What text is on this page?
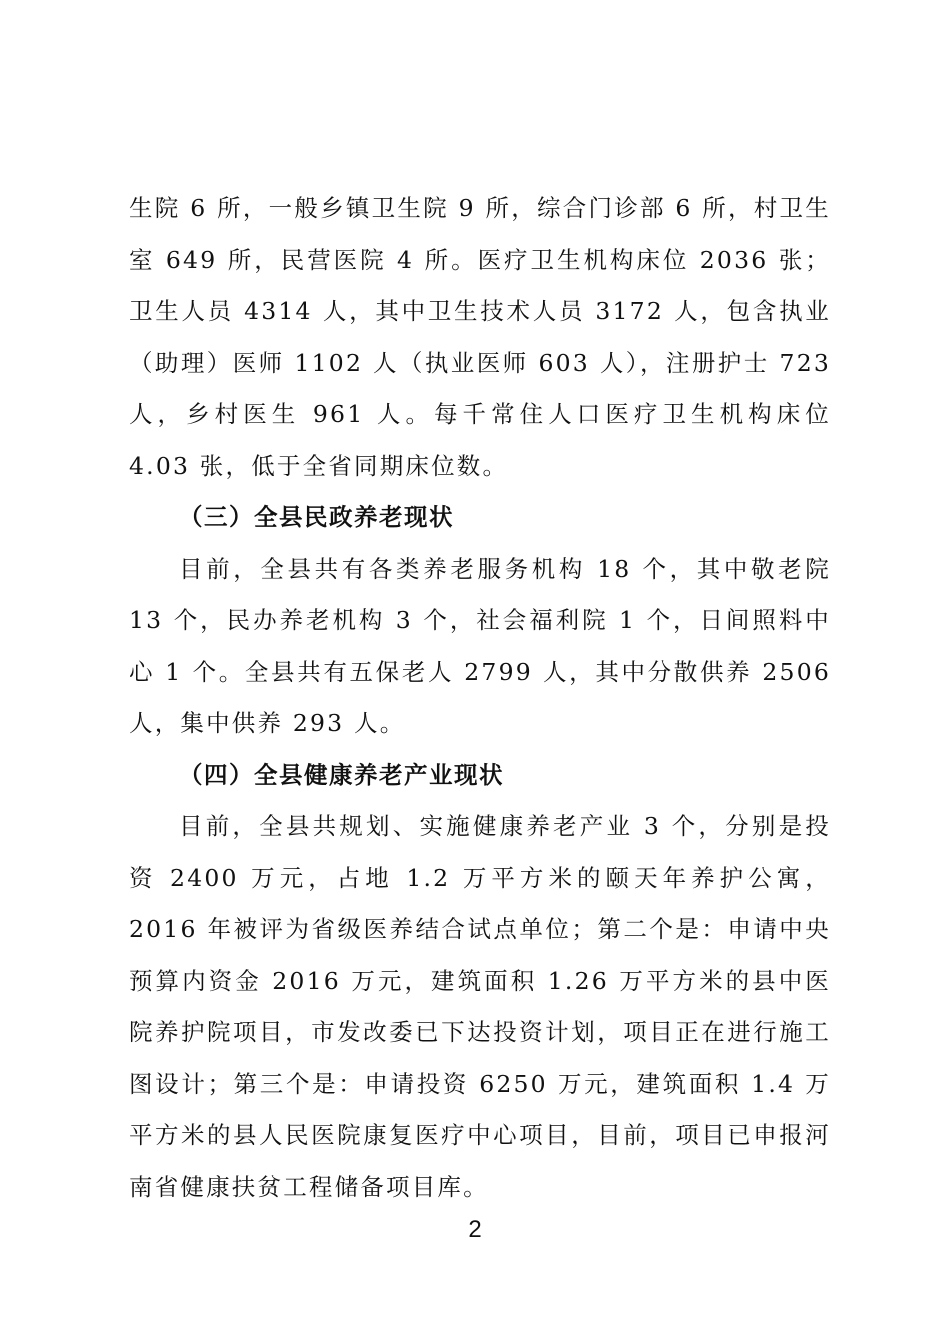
生院 6 所，一般乡镇卫生院 9 所，综合门诊部 6 所，村卫生室 649 所，民营医院 4 所。医疗卫生机构床位 2036 张；卫生人员 4314 人，其中卫生技术人员 3172 人，包含执业（助理）医师 1102 人（执业医师 603 人），注册护士 723 人，乡村医生 961 人。每千常住人口医疗卫生机构床位 4.03 张，低于全省同期床位数。

（三）全县民政养老现状

目前，全县共有各类养老服务机构 18 个，其中敬老院 13 个，民办养老机构 3 个，社会福利院 1 个，日间照料中心 1 个。全县共有五保老人 2799 人，其中分散供养 2506 人，集中供养 293 人。

（四）全县健康养老产业现状

目前，全县共规划、实施健康养老产业 3 个，分别是投资 2400 万元，占地 1.2 万平方米的颐天年养护公寓，2016 年被评为省级医养结合试点单位；第二个是：申请中央预算内资金 2016 万元，建筑面积 1.26 万平方米的县中医院养护院项目，市发改委已下达投资计划，项目正在进行施工图设计；第三个是：申请投资 6250 万元，建筑面积 1.4 万平方米的县人民医院康复医疗中心项目，目前，项目已申报河南省健康扶贫工程储备项目库。

2
